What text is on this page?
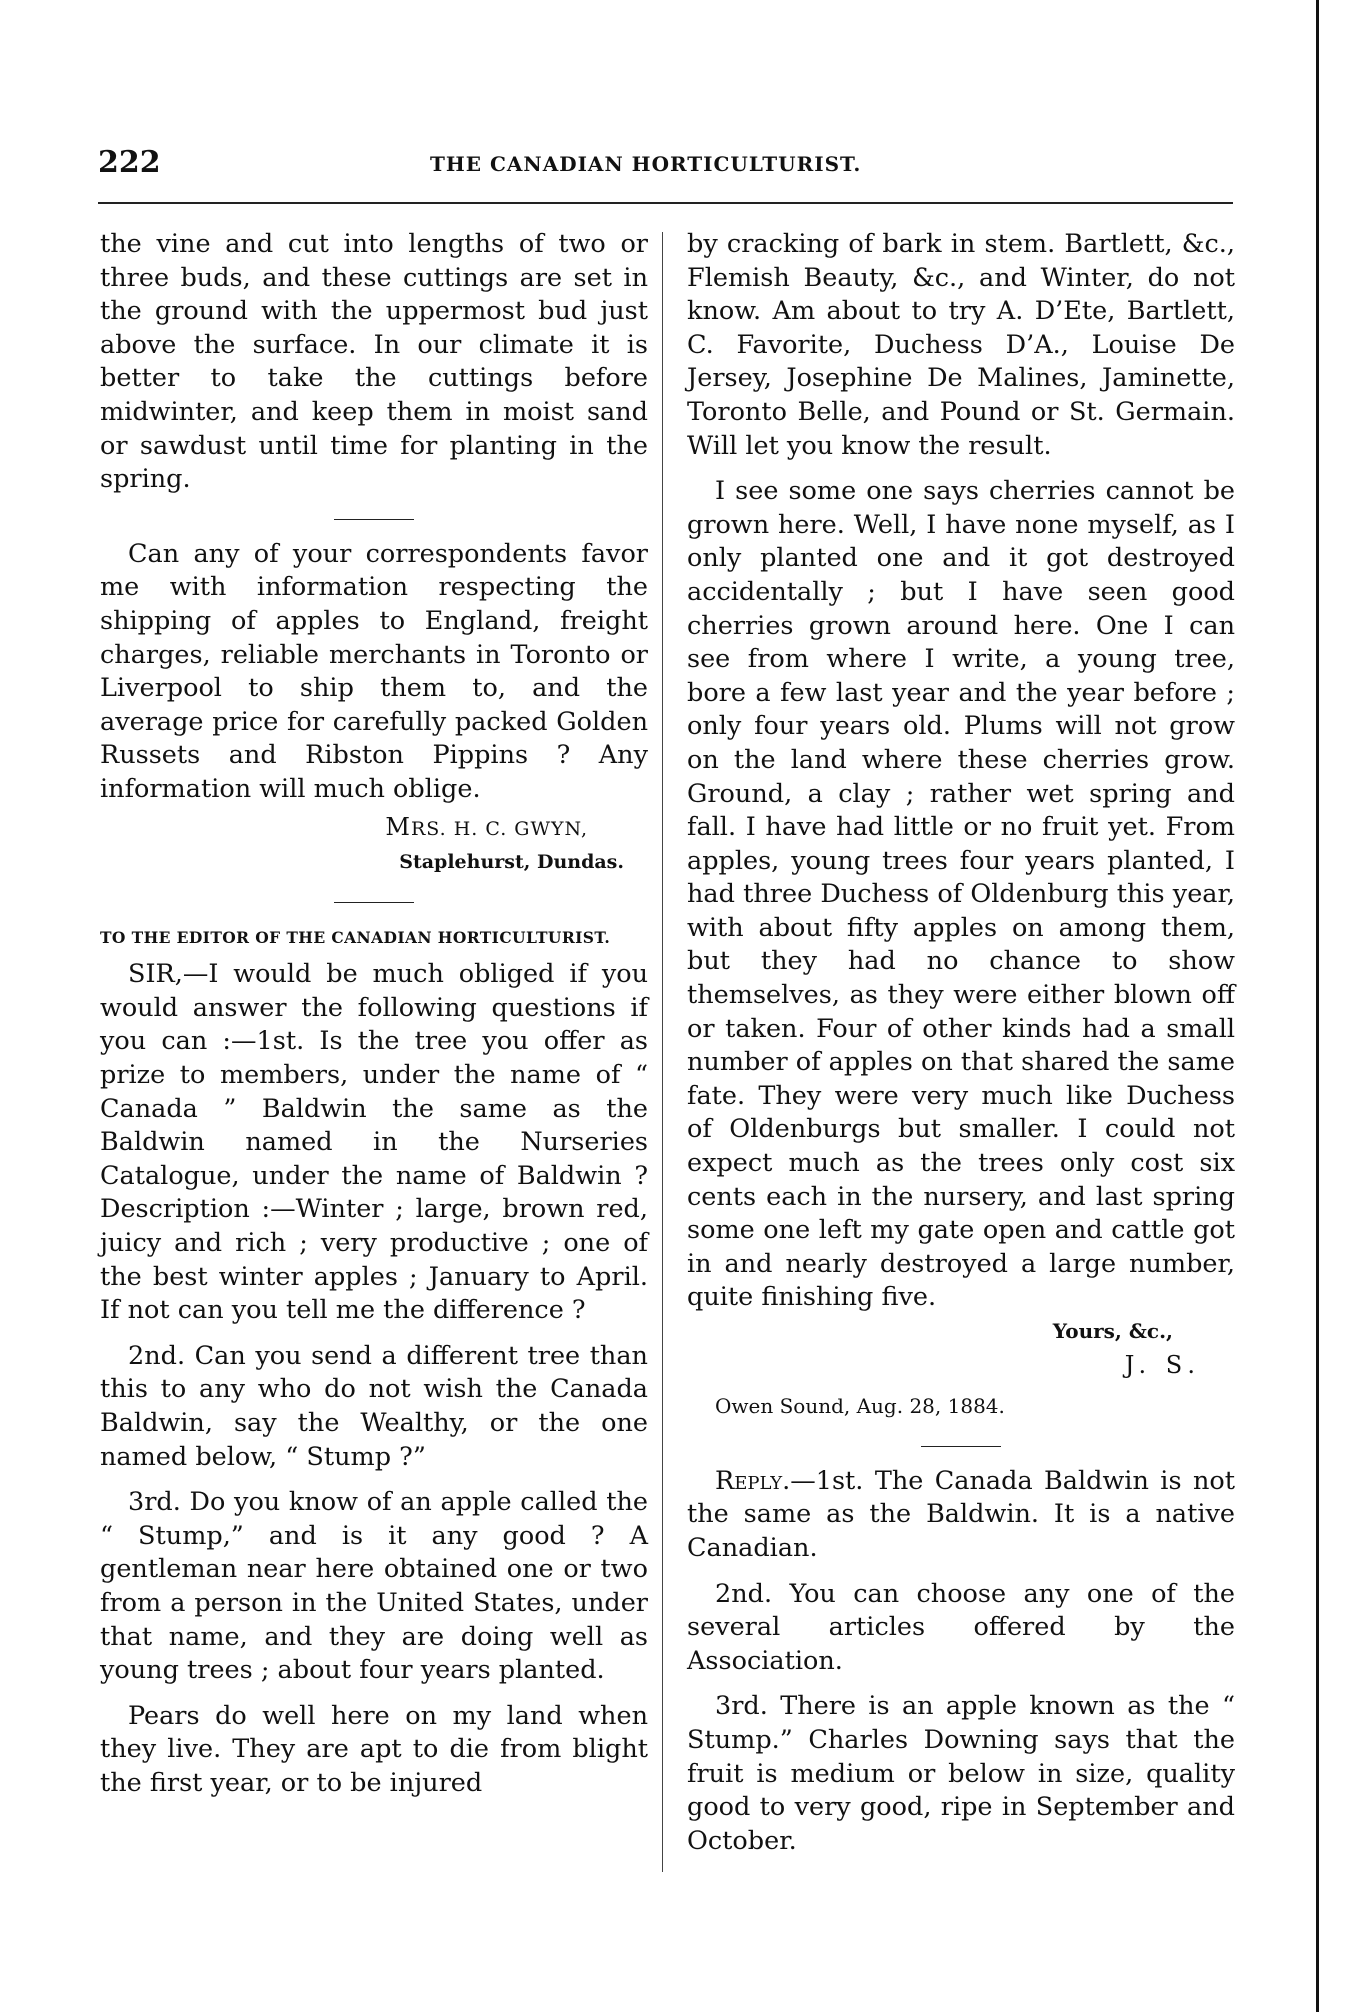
222	THE CANADIAN HORTICULTURIST.

the vine and cut into lengths of two or three buds, and these cuttings are set in the ground with the uppermost bud just above the surface. In our climate it is better to take the cuttings before midwinter, and keep them in moist sand or sawdust until time for planting in the spring.

Can any of your correspondents favor me with information respecting the shipping of apples to England, freight charges, reliable merchants in Toronto or Liverpool to ship them to, and the average price for carefully packed Golden Russets and Ribston Pippins ? Any information will much oblige.

MRS. H. C. GWYN,

Staplehurst, Dundas.

TO THE EDITOR OF THE CANADIAN HORTICULTURIST.

SIR,—I would be much obliged if you would answer the following questions if you can :—1st. Is the tree you offer as prize to members, under the name of “ Canada ” Baldwin the same as the Baldwin named in the Nurseries Catalogue, under the name of Baldwin ? Description :—Winter ; large, brown red, juicy and rich ; very productive ; one of the best winter apples ; January to April. If not can you tell me the difference ?

2nd. Can you send a different tree than this to any who do not wish the Canada Baldwin, say the Wealthy, or the one named below, “ Stump ?”

3rd. Do you know of an apple called the “ Stump,” and is it any good ? A gentleman near here obtained one or two from a person in the United States, under that name, and they are doing well as young trees ; about four years planted.

Pears do well here on my land when they live. They are apt to die from blight the first year, or to be injured

by cracking of bark in stem. Bartlett, &c., Flemish Beauty, &c., and Winter, do not know. Am about to try A. D’Ete, Bartlett, C. Favorite, Duchess D’A., Louise De Jersey, Josephine De Malines, Jaminette, Toronto Belle, and Pound or St. Germain. Will let you know the result.

I see some one says cherries cannot be grown here. Well, I have none myself, as I only planted one and it got destroyed accidentally ; but I have seen good cherries grown around here. One I can see from where I write, a young tree, bore a few last year and the year before ; only four years old. Plums will not grow on the land where these cherries grow. Ground, a clay ; rather wet spring and fall. I have had little or no fruit yet. From apples, young trees four years planted, I had three Duchess of Oldenburg this year, with about fifty apples on among them, but they had no chance to show themselves, as they were either blown off or taken. Four of other kinds had a small number of apples on that shared the same fate. They were very much like Duchess of Oldenburgs but smaller. I could not expect much as the trees only cost six cents each in the nursery, and last spring some one left my gate open and cattle got in and nearly destroyed a large number, quite finishing five.

Yours, &c.,

J. S.

Owen Sound, Aug. 28, 1884.

Reply.—1st. The Canada Baldwin is not the same as the Baldwin. It is a native Canadian.

2nd. You can choose any one of the several articles offered by the Association.

3rd. There is an apple known as the “ Stump.” Charles Downing says that the fruit is medium or below in size, quality good to very good, ripe in September and October.
